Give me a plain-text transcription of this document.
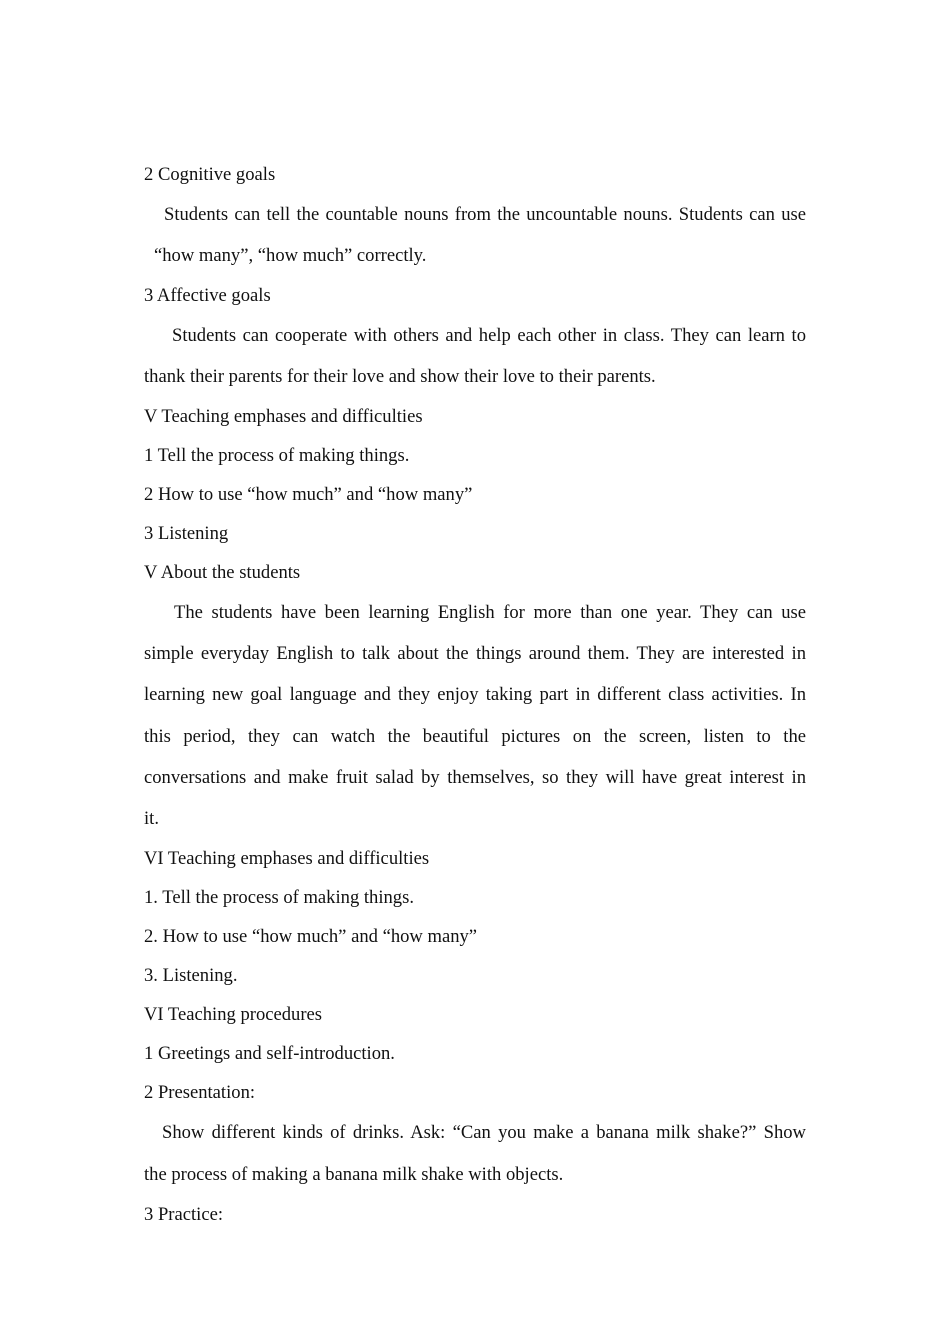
2 Cognitive goals
Students can tell the countable nouns from the uncountable nouns. Students can use
“how many”, “how much” correctly.
3 Affective goals
Students can cooperate with others and help each other in class. They can learn to
thank their parents for their love and show their love to their parents.
V Teaching emphases and difficulties
1 Tell the process of making things.
2 How to use “how much” and “how many”
3 Listening
V About the students
The students have been learning English for more than one year. They can use
simple everyday English to talk about the things around them. They are interested in
learning new goal language and they enjoy taking part in different class activities. In
this period, they can watch the beautiful pictures on the screen, listen to the
conversations and make fruit salad by themselves, so they will have great interest in
it.
VI Teaching emphases and difficulties
1. Tell the process of making things.
2. How to use “how much” and “how many”
3. Listening.
VI Teaching procedures
1 Greetings and self-introduction.
2 Presentation:
Show different kinds of drinks. Ask: “Can you make a banana milk shake?” Show
the process of making a banana milk shake with objects.
3 Practice:
